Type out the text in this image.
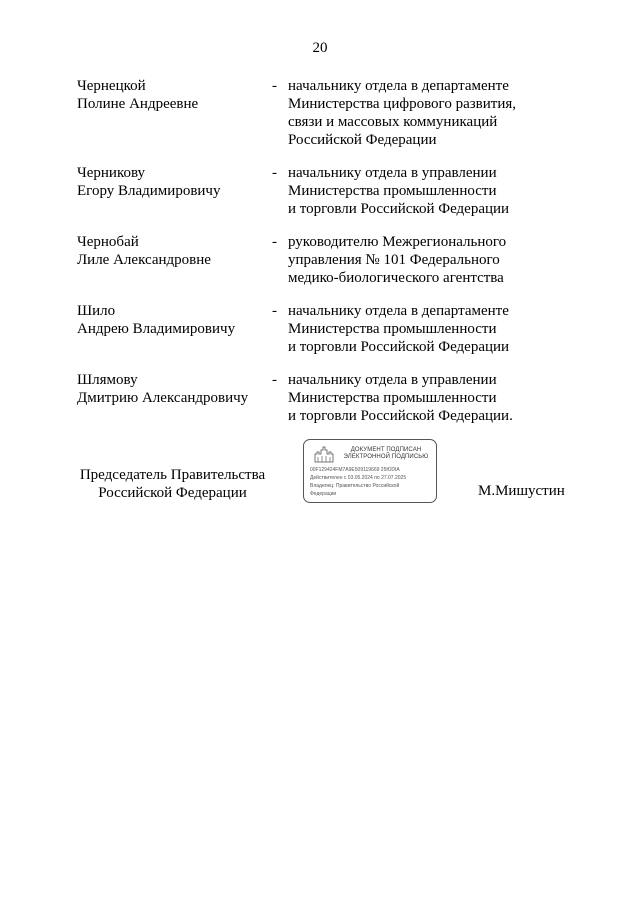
20
Чернецкой
Полине Андреевне
- начальнику отдела в департаменте
Министерства цифрового развития,
связи и массовых коммуникаций
Российской Федерации
Черникову
Егору Владимировичу
- начальнику отдела в управлении
Министерства промышленности
и торговли Российской Федерации
Чернобай
Лиле Александровне
- руководителю Межрегионального
управления № 101 Федерального
медико-биологического агентства
Шило
Андрею Владимировичу
- начальнику отдела в департаменте
Министерства промышленности
и торговли Российской Федерации
Шлямову
Дмитрию Александровичу
- начальнику отдела в управлении
Министерства промышленности
и торговли Российской Федерации.
Председатель Правительства
Российской Федерации
ДОКУМЕНТ ПОДПИСАН
ЭЛЕКТРОННОЙ ПОДПИСЬЮ
00F129424FM7A9E509119669 25ЮDIA
Действителен с 03.05.2024 по 27.07.2025
Владелец: Правительство Российской
Федерации	М.Мишустин
